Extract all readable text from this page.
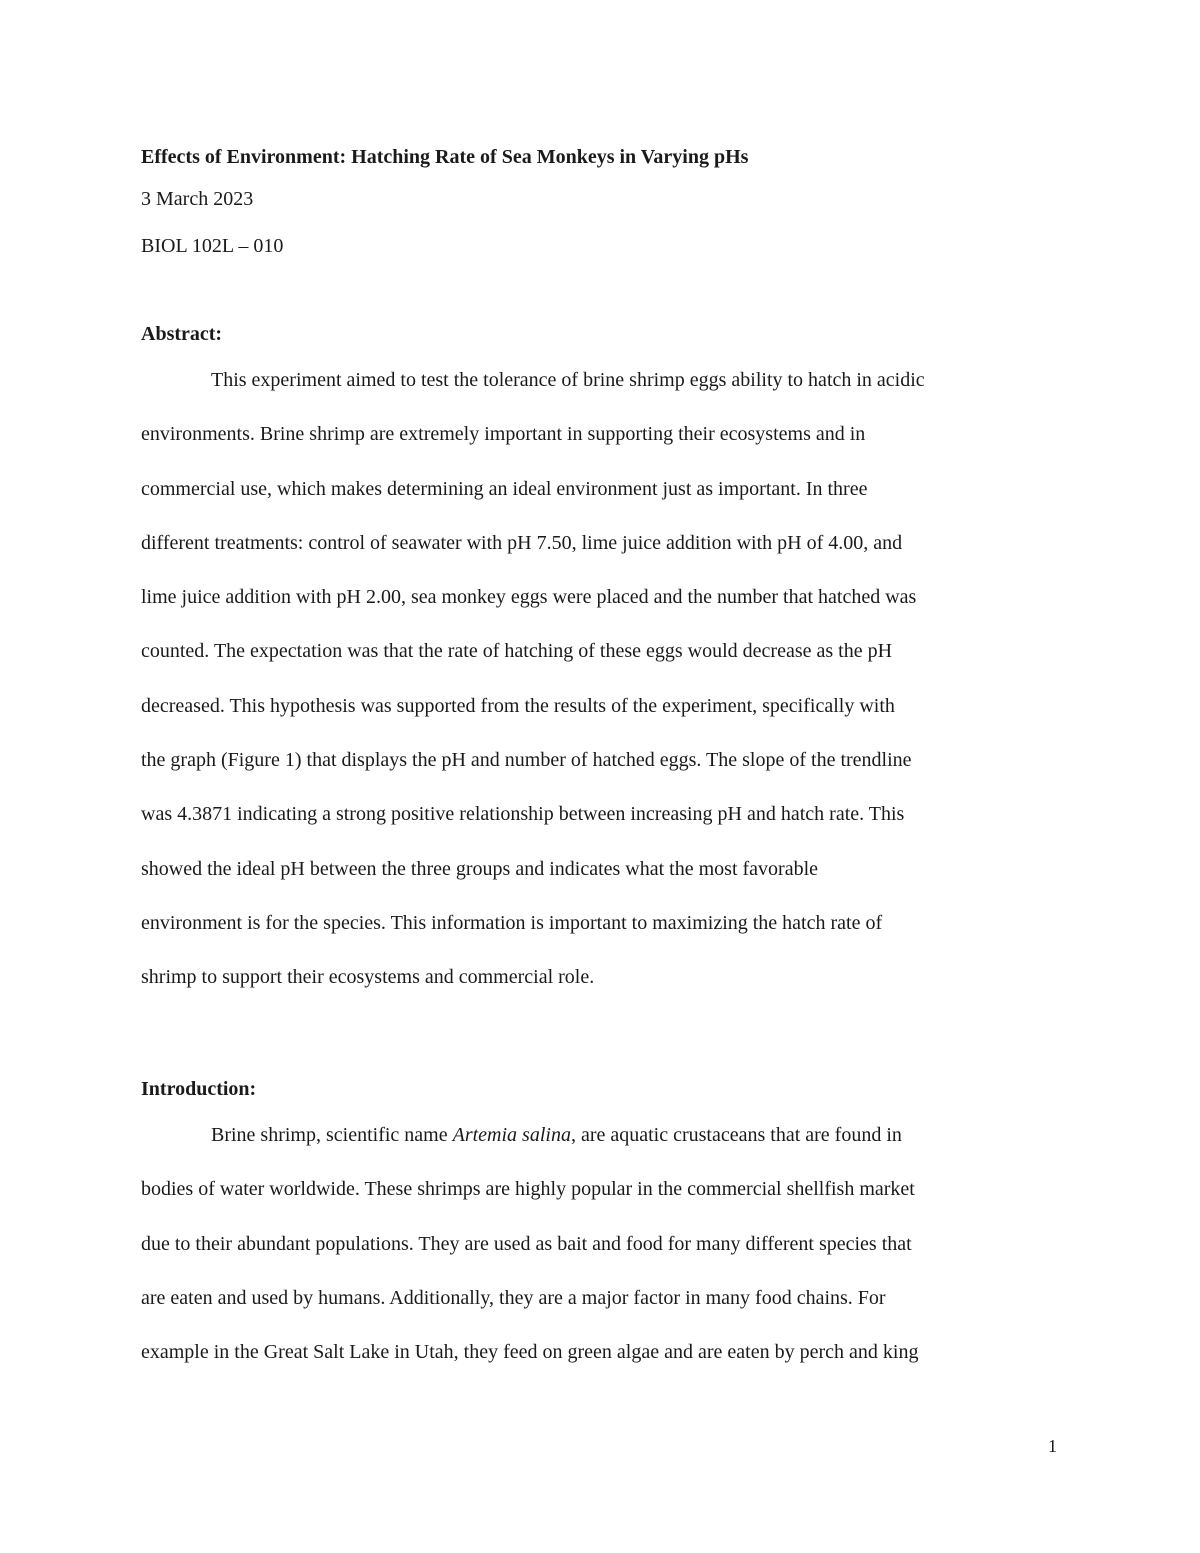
Effects of Environment: Hatching Rate of Sea Monkeys in Varying pHs
3 March 2023
BIOL 102L – 010
Abstract:
This experiment aimed to test the tolerance of brine shrimp eggs ability to hatch in acidic
environments. Brine shrimp are extremely important in supporting their ecosystems and in
commercial use, which makes determining an ideal environment just as important. In three
different treatments: control of seawater with pH 7.50, lime juice addition with pH of 4.00, and
lime juice addition with pH 2.00, sea monkey eggs were placed and the number that hatched was
counted. The expectation was that the rate of hatching of these eggs would decrease as the pH
decreased. This hypothesis was supported from the results of the experiment, specifically with
the graph (Figure 1) that displays the pH and number of hatched eggs. The slope of the trendline
was 4.3871 indicating a strong positive relationship between increasing pH and hatch rate. This
showed the ideal pH between the three groups and indicates what the most favorable
environment is for the species. This information is important to maximizing the hatch rate of
shrimp to support their ecosystems and commercial role.
Introduction:
Brine shrimp, scientific name Artemia salina, are aquatic crustaceans that are found in
bodies of water worldwide. These shrimps are highly popular in the commercial shellfish market
due to their abundant populations. They are used as bait and food for many different species that
are eaten and used by humans. Additionally, they are a major factor in many food chains. For
example in the Great Salt Lake in Utah, they feed on green algae and are eaten by perch and king
1
